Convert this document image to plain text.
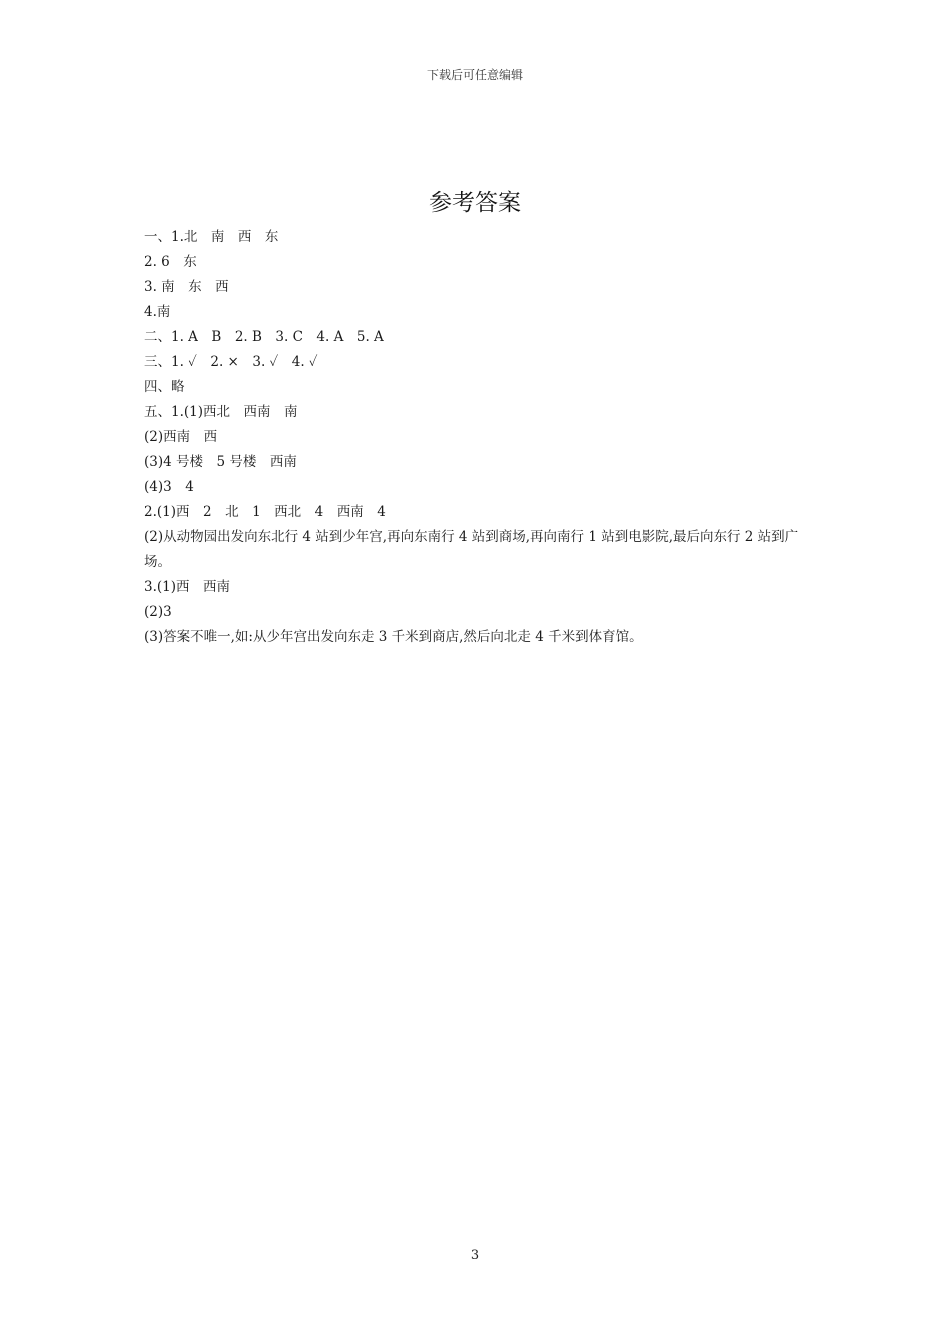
下载后可任意编辑
参考答案
一、1.北　南　西　东
2. 6　东
3. 南　东　西
4.南
二、1. A　B　2. B　3. C　4. A　5. A
三、1. ✓　2. ×　3. ✓　4. ✓
四、略
五、1.(1)西北　西南　南
(2)西南　西
(3)4 号楼　5 号楼　西南
(4)3　4
2.(1)西　2　北　1　西北　4　西南　4
(2)从动物园出发向东北行 4 站到少年宫,再向东南行 4 站到商场,再向南行 1 站到电影院,最后向东行 2 站到广场。
3.(1)西　西南
(2)3
(3)答案不唯一,如:从少年宫出发向东走 3 千米到商店,然后向北走 4 千米到体育馆。
3
